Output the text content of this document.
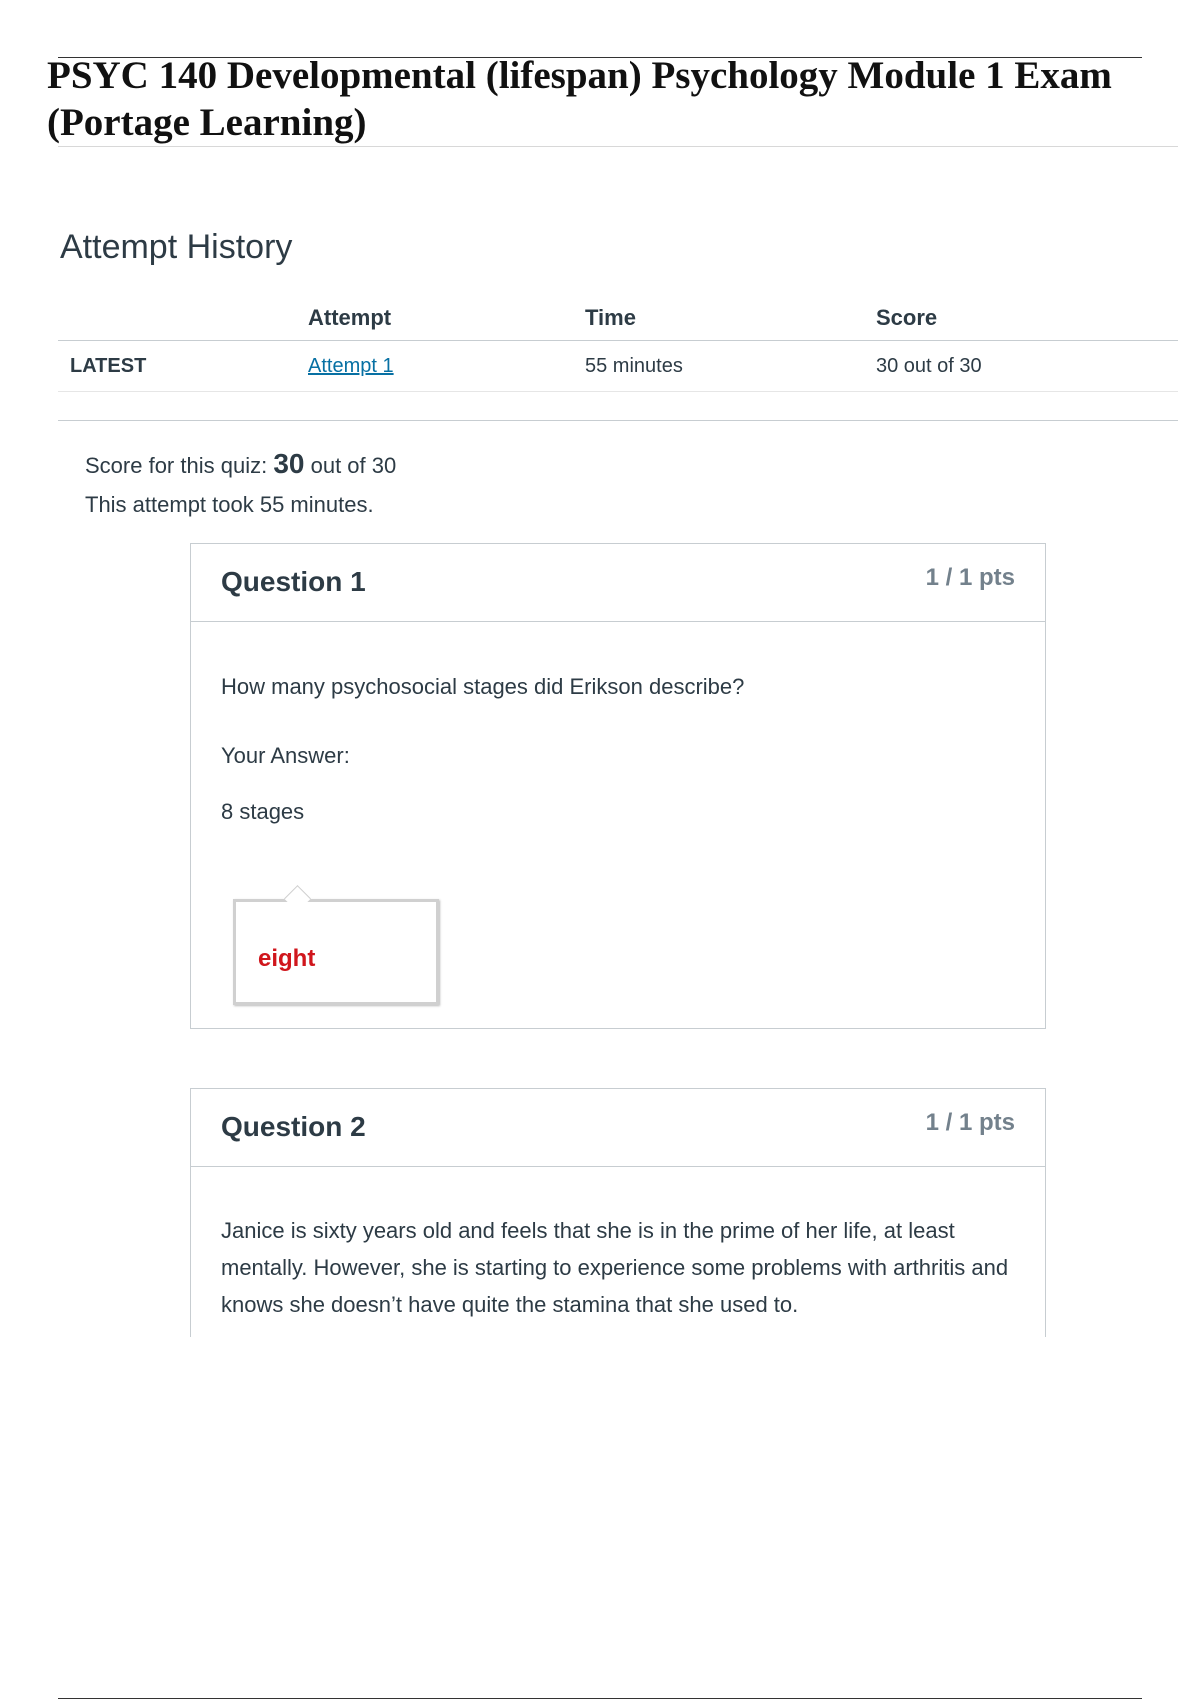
PSYC 140 Developmental (lifespan) Psychology Module 1 Exam (Portage Learning)
Attempt History
	Attempt	Time	Score
LATEST	Attempt 1	55 minutes	30 out of 30
Score for this quiz: 30 out of 30
This attempt took 55 minutes.
Question 1	1 / 1 pts

How many psychosocial stages did Erikson describe?

Your Answer:

8 stages

eight
Question 2	1 / 1 pts

Janice is sixty years old and feels that she is in the prime of her life, at least mentally. However, she is starting to experience some problems with arthritis and knows she doesn’t have quite the stamina that she used to.
